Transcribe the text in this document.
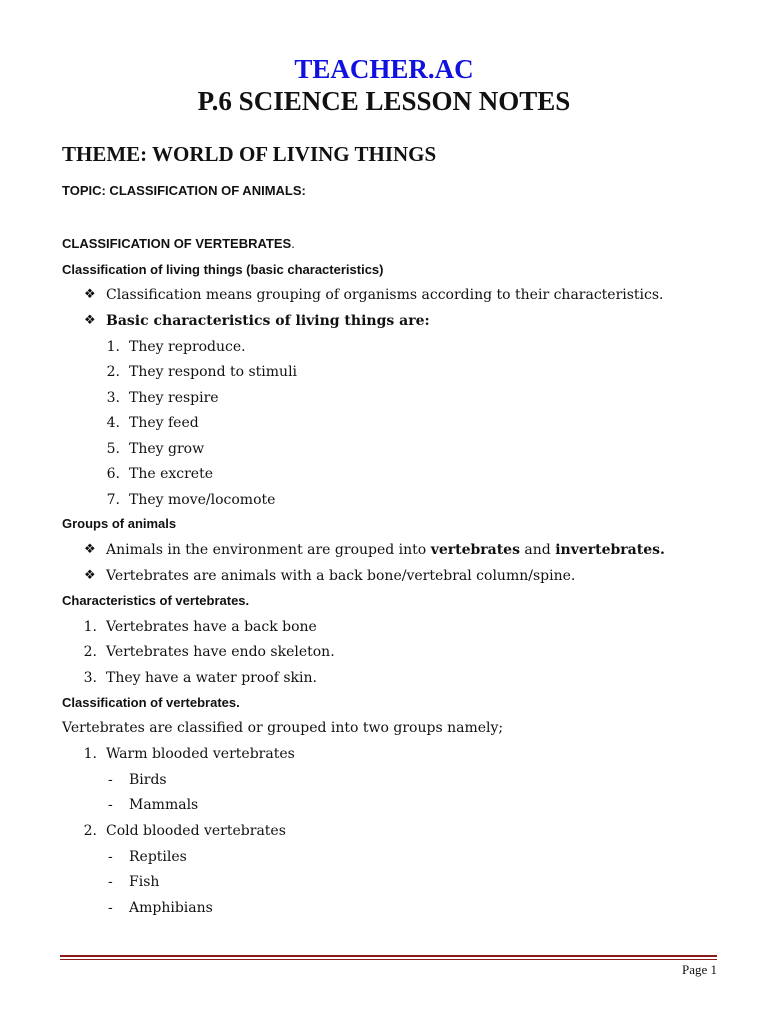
TEACHER.AC
P.6 SCIENCE LESSON NOTES
THEME: WORLD OF LIVING THINGS
TOPIC: CLASSIFICATION OF ANIMALS:
CLASSIFICATION OF VERTEBRATES.
Classification of living things (basic characteristics)
❖ Classification means grouping of organisms according to their characteristics.
❖ Basic characteristics of living things are:
1. They reproduce.
2. They respond to stimuli
3. They respire
4. They feed
5. They grow
6. The excrete
7. They move/locomote
Groups of animals
❖ Animals in the environment are grouped into vertebrates and invertebrates.
❖ Vertebrates are animals with a back bone/vertebral column/spine.
Characteristics of vertebrates.
1. Vertebrates have a back bone
2. Vertebrates have endo skeleton.
3. They have a water proof skin.
Classification of vertebrates.
Vertebrates are classified or grouped into two groups namely;
1. Warm blooded vertebrates
- Birds
- Mammals
2. Cold blooded vertebrates
- Reptiles
- Fish
- Amphibians
Page 1
